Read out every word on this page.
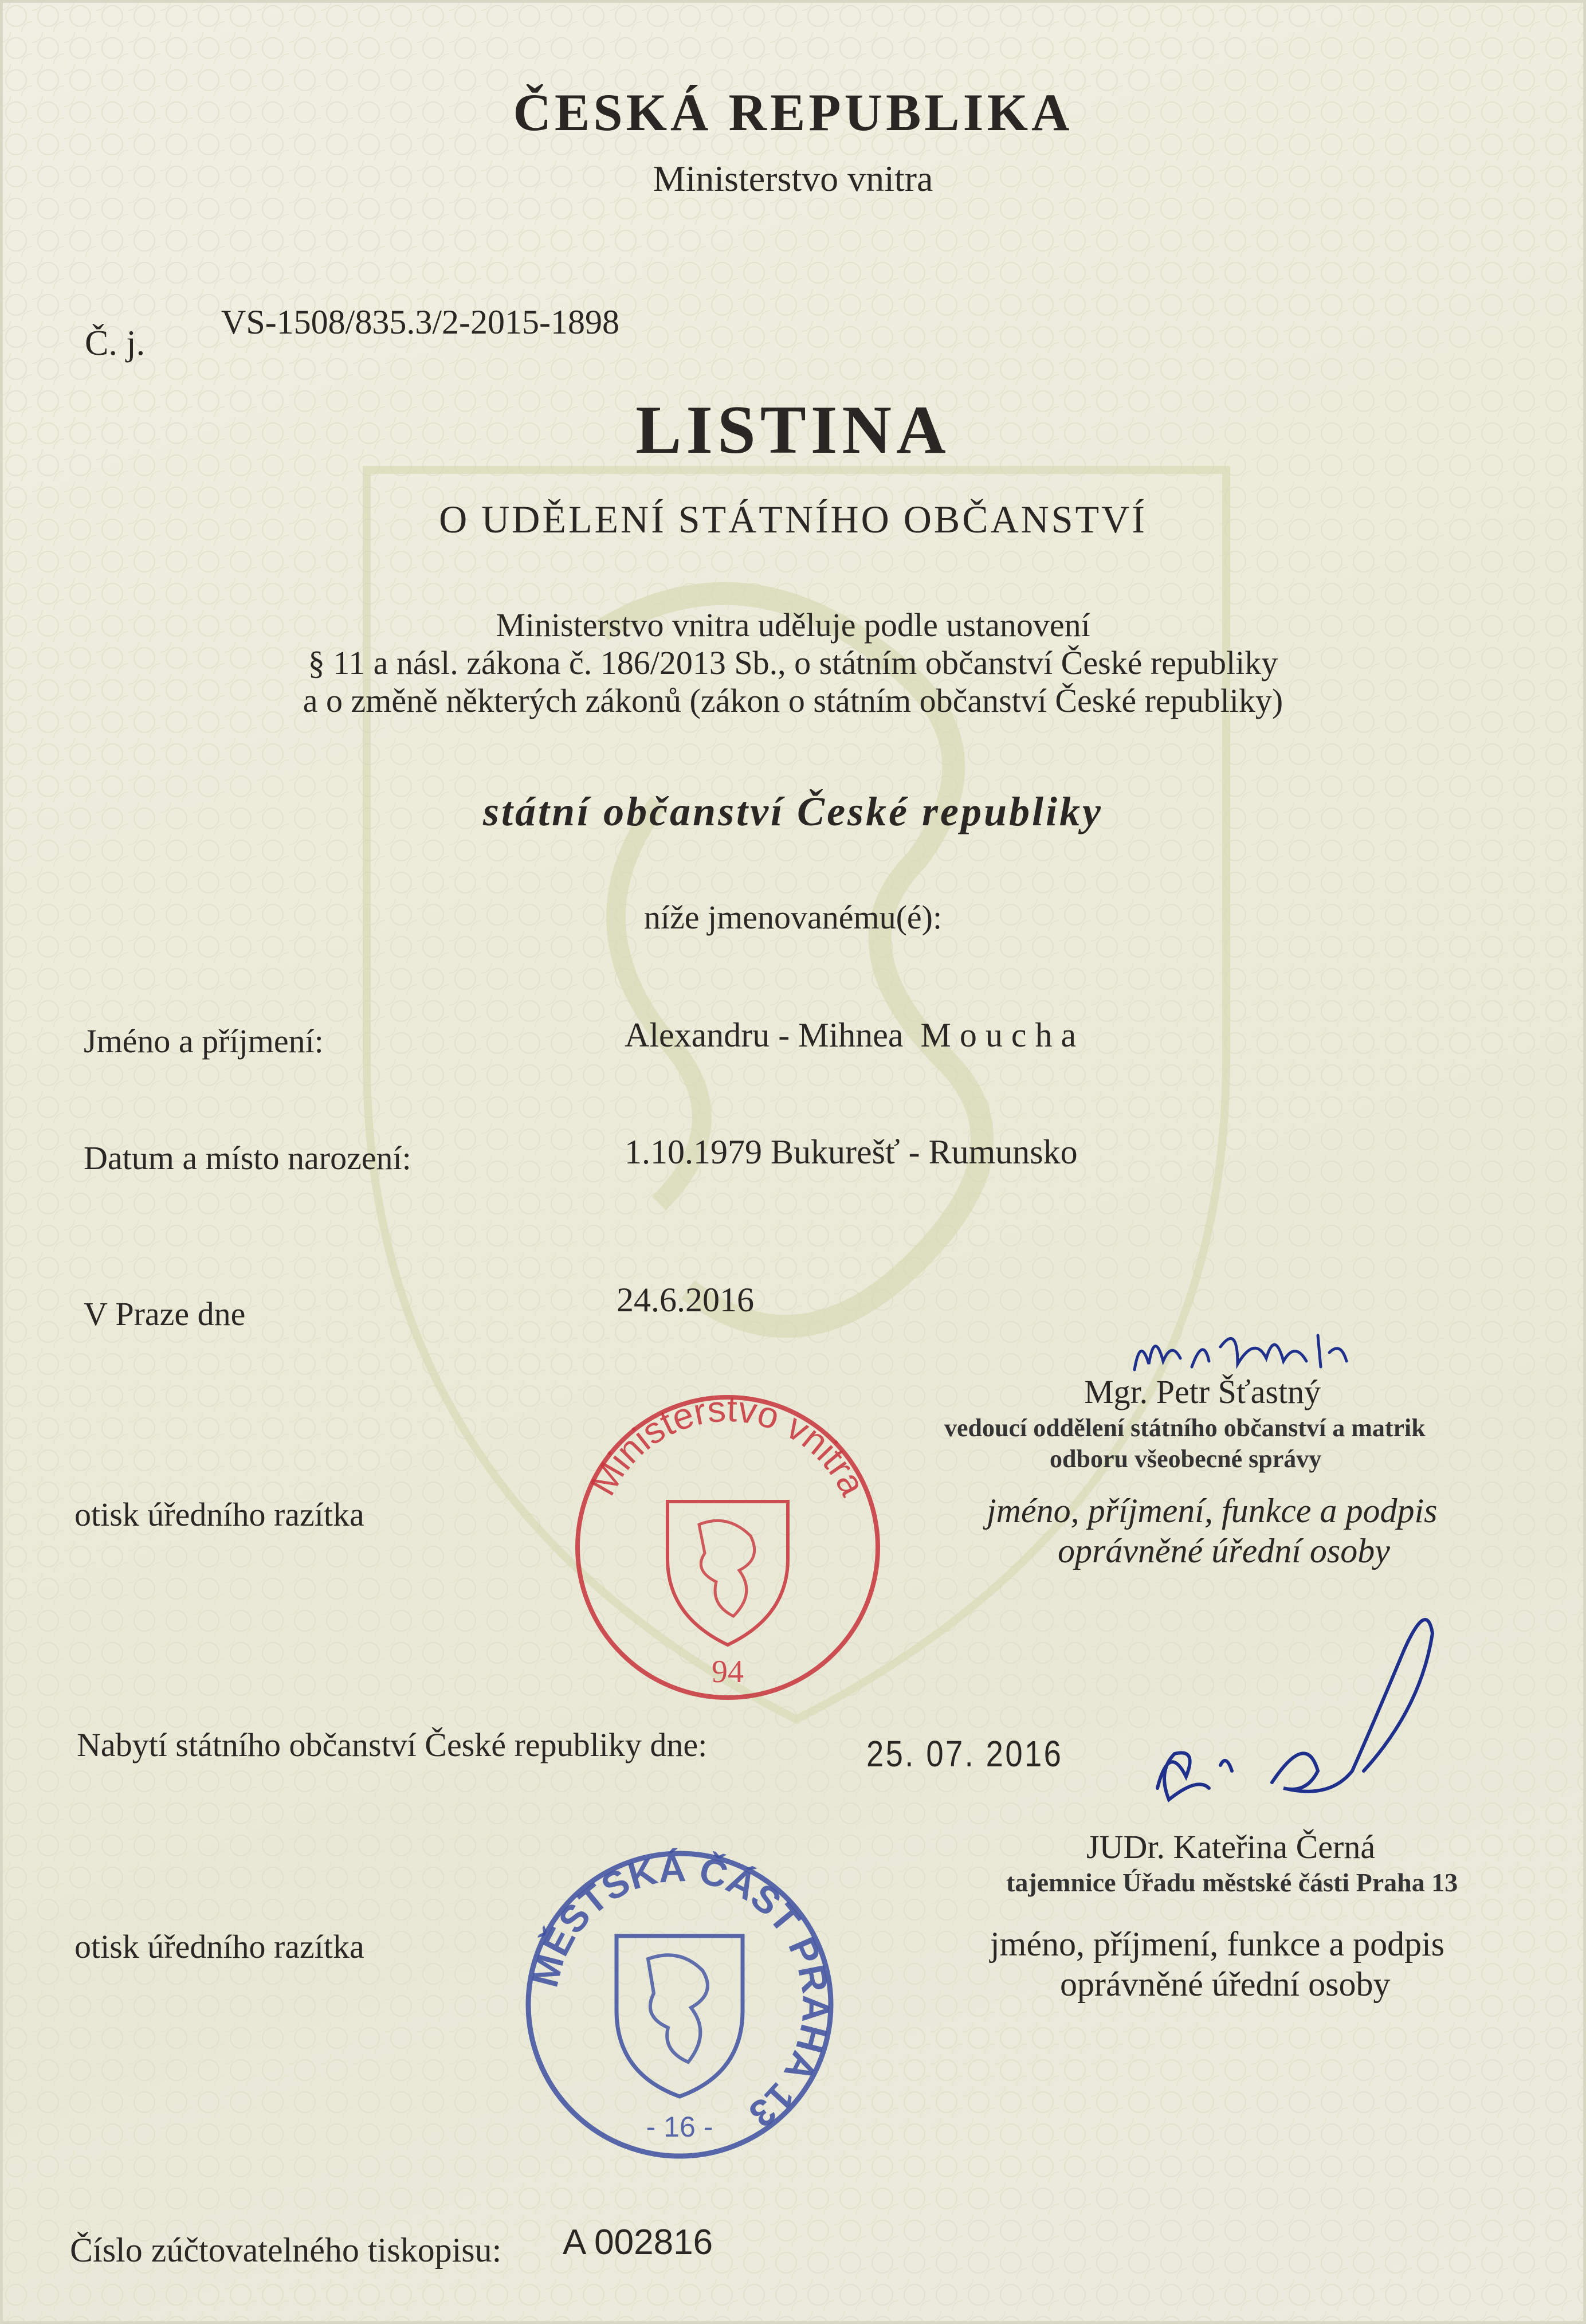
ČESKÁ REPUBLIKA
Ministerstvo vnitra
Č. j.
VS-1508/835.3/2-2015-1898
LISTINA
O UDĚLENÍ STÁTNÍHO OBČANSTVÍ
Ministerstvo vnitra uděluje podle ustanovení
§ 11 a násl. zákona č. 186/2013 Sb., o státním občanství České republiky
a o změně některých zákonů (zákon o státním občanství České republiky)
státní občanství České republiky
níže jmenovanému(é):
Jméno a příjmení:	Alexandru - Mihnea  M o u c h a
Datum a místo narození:	1.10.1979 Bukurešť - Rumunsko
V Praze dne	24.6.2016
Mgr. Petr Šťastný
vedoucí oddělení státního občanství a matrik
odboru všeobecné správy
jméno, příjmení, funkce a podpis
oprávněné úřední osoby
otisk úředního razítka
Ministerstvo vnitra
94
Nabytí státního občanství České republiky dne:	25. 07. 2016
JUDr. Kateřina Černá
tajemnice Úřadu městské části Praha 13
jméno, příjmení, funkce a podpis
oprávněné úřední osoby
otisk úředního razítka
MĚSTSKÁ ČÁST PRAHA 13
- 16 -
Číslo zúčtovatelného tiskopisu: A 002816
